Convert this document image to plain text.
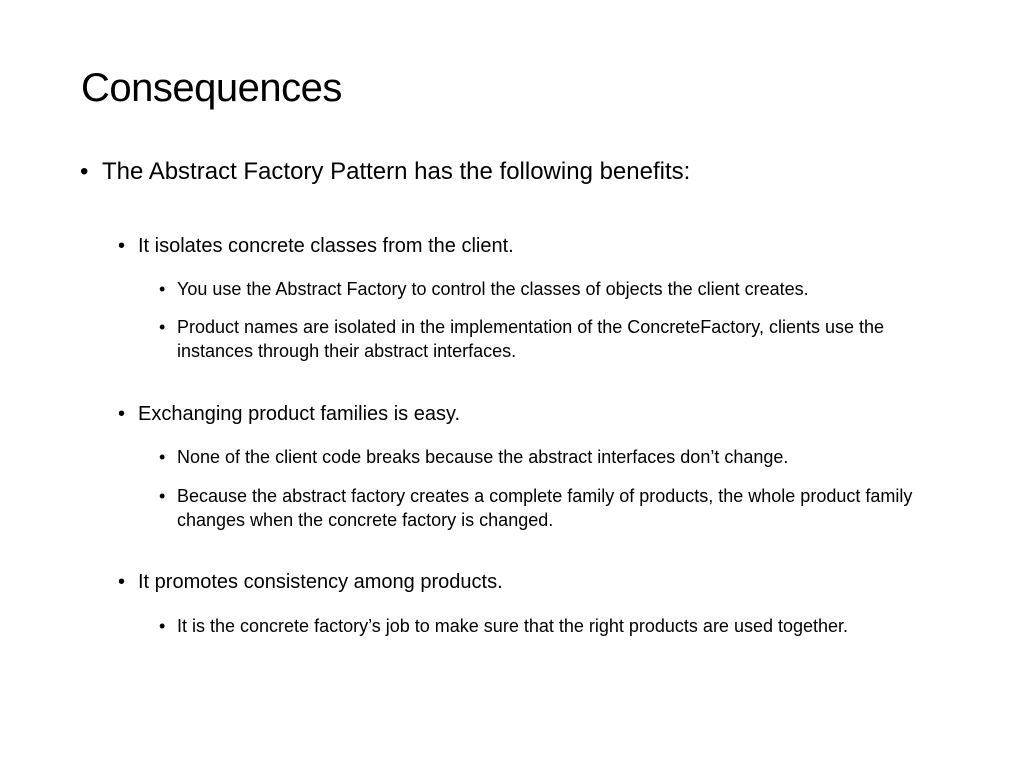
Consequences
• The Abstract Factory Pattern has the following benefits:
• It isolates concrete classes from the client.
• You use the Abstract Factory to control the classes of objects the client creates.
• Product names are isolated in the implementation of the ConcreteFactory, clients use the instances through their abstract interfaces.
• Exchanging product families is easy.
• None of the client code breaks because the abstract interfaces don’t change.
• Because the abstract factory creates a complete family of products, the whole product family changes when the concrete factory is changed.
• It promotes consistency among products.
• It is the concrete factory’s job to make sure that the right products are used together.
